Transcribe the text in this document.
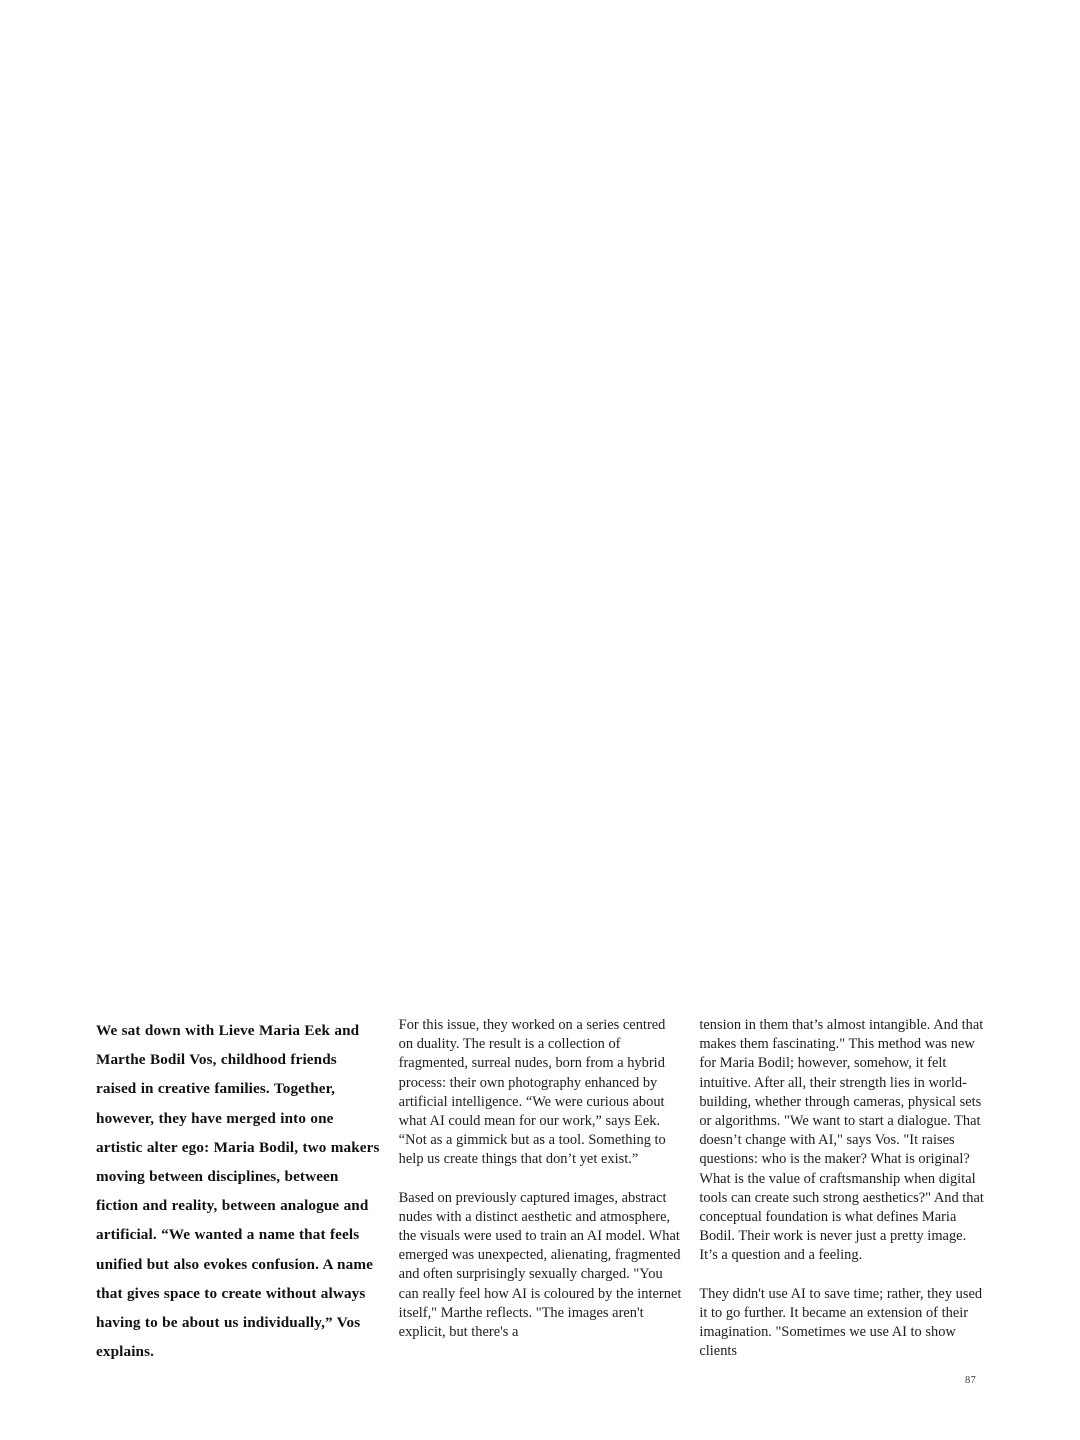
We sat down with Lieve Maria Eek and Marthe Bodil Vos, childhood friends raised in creative families. Together, however, they have merged into one artistic alter ego: Maria Bodil, two makers moving between disciplines, between fiction and reality, between analogue and artificial. “We wanted a name that feels unified but also evokes confusion. A name that gives space to create without always having to be about us individually,” Vos explains.

For this issue, they worked on a series centred on duality. The result is a collection of fragmented, surreal nudes, born from a hybrid process: their own photography enhanced by artificial intelligence. “We were curious about what AI could mean for our work,” says Eek. “Not as a gimmick but as a tool. Something to help us create things that don’t yet exist.”

Based on previously captured images, abstract nudes with a distinct aesthetic and atmosphere, the visuals were used to train an AI model. What emerged was unexpected, alienating, fragmented and often surprisingly sexually charged. "You can really feel how AI is coloured by the internet itself," Marthe reflects. "The images aren't explicit, but there's a

tension in them that’s almost intangible. And that makes them fascinating." This method was new for Maria Bodil; however, somehow, it felt intuitive. After all, their strength lies in world-building, whether through cameras, physical sets or algorithms. "We want to start a dialogue. That doesn’t change with AI," says Vos. "It raises questions: who is the maker? What is original? What is the value of craftsmanship when digital tools can create such strong aesthetics?" And that conceptual foundation is what defines Maria Bodil. Their work is never just a pretty image. It’s a question and a feeling.

They didn't use AI to save time; rather, they used it to go further. It became an extension of their imagination. "Sometimes we use AI to show clients

87
